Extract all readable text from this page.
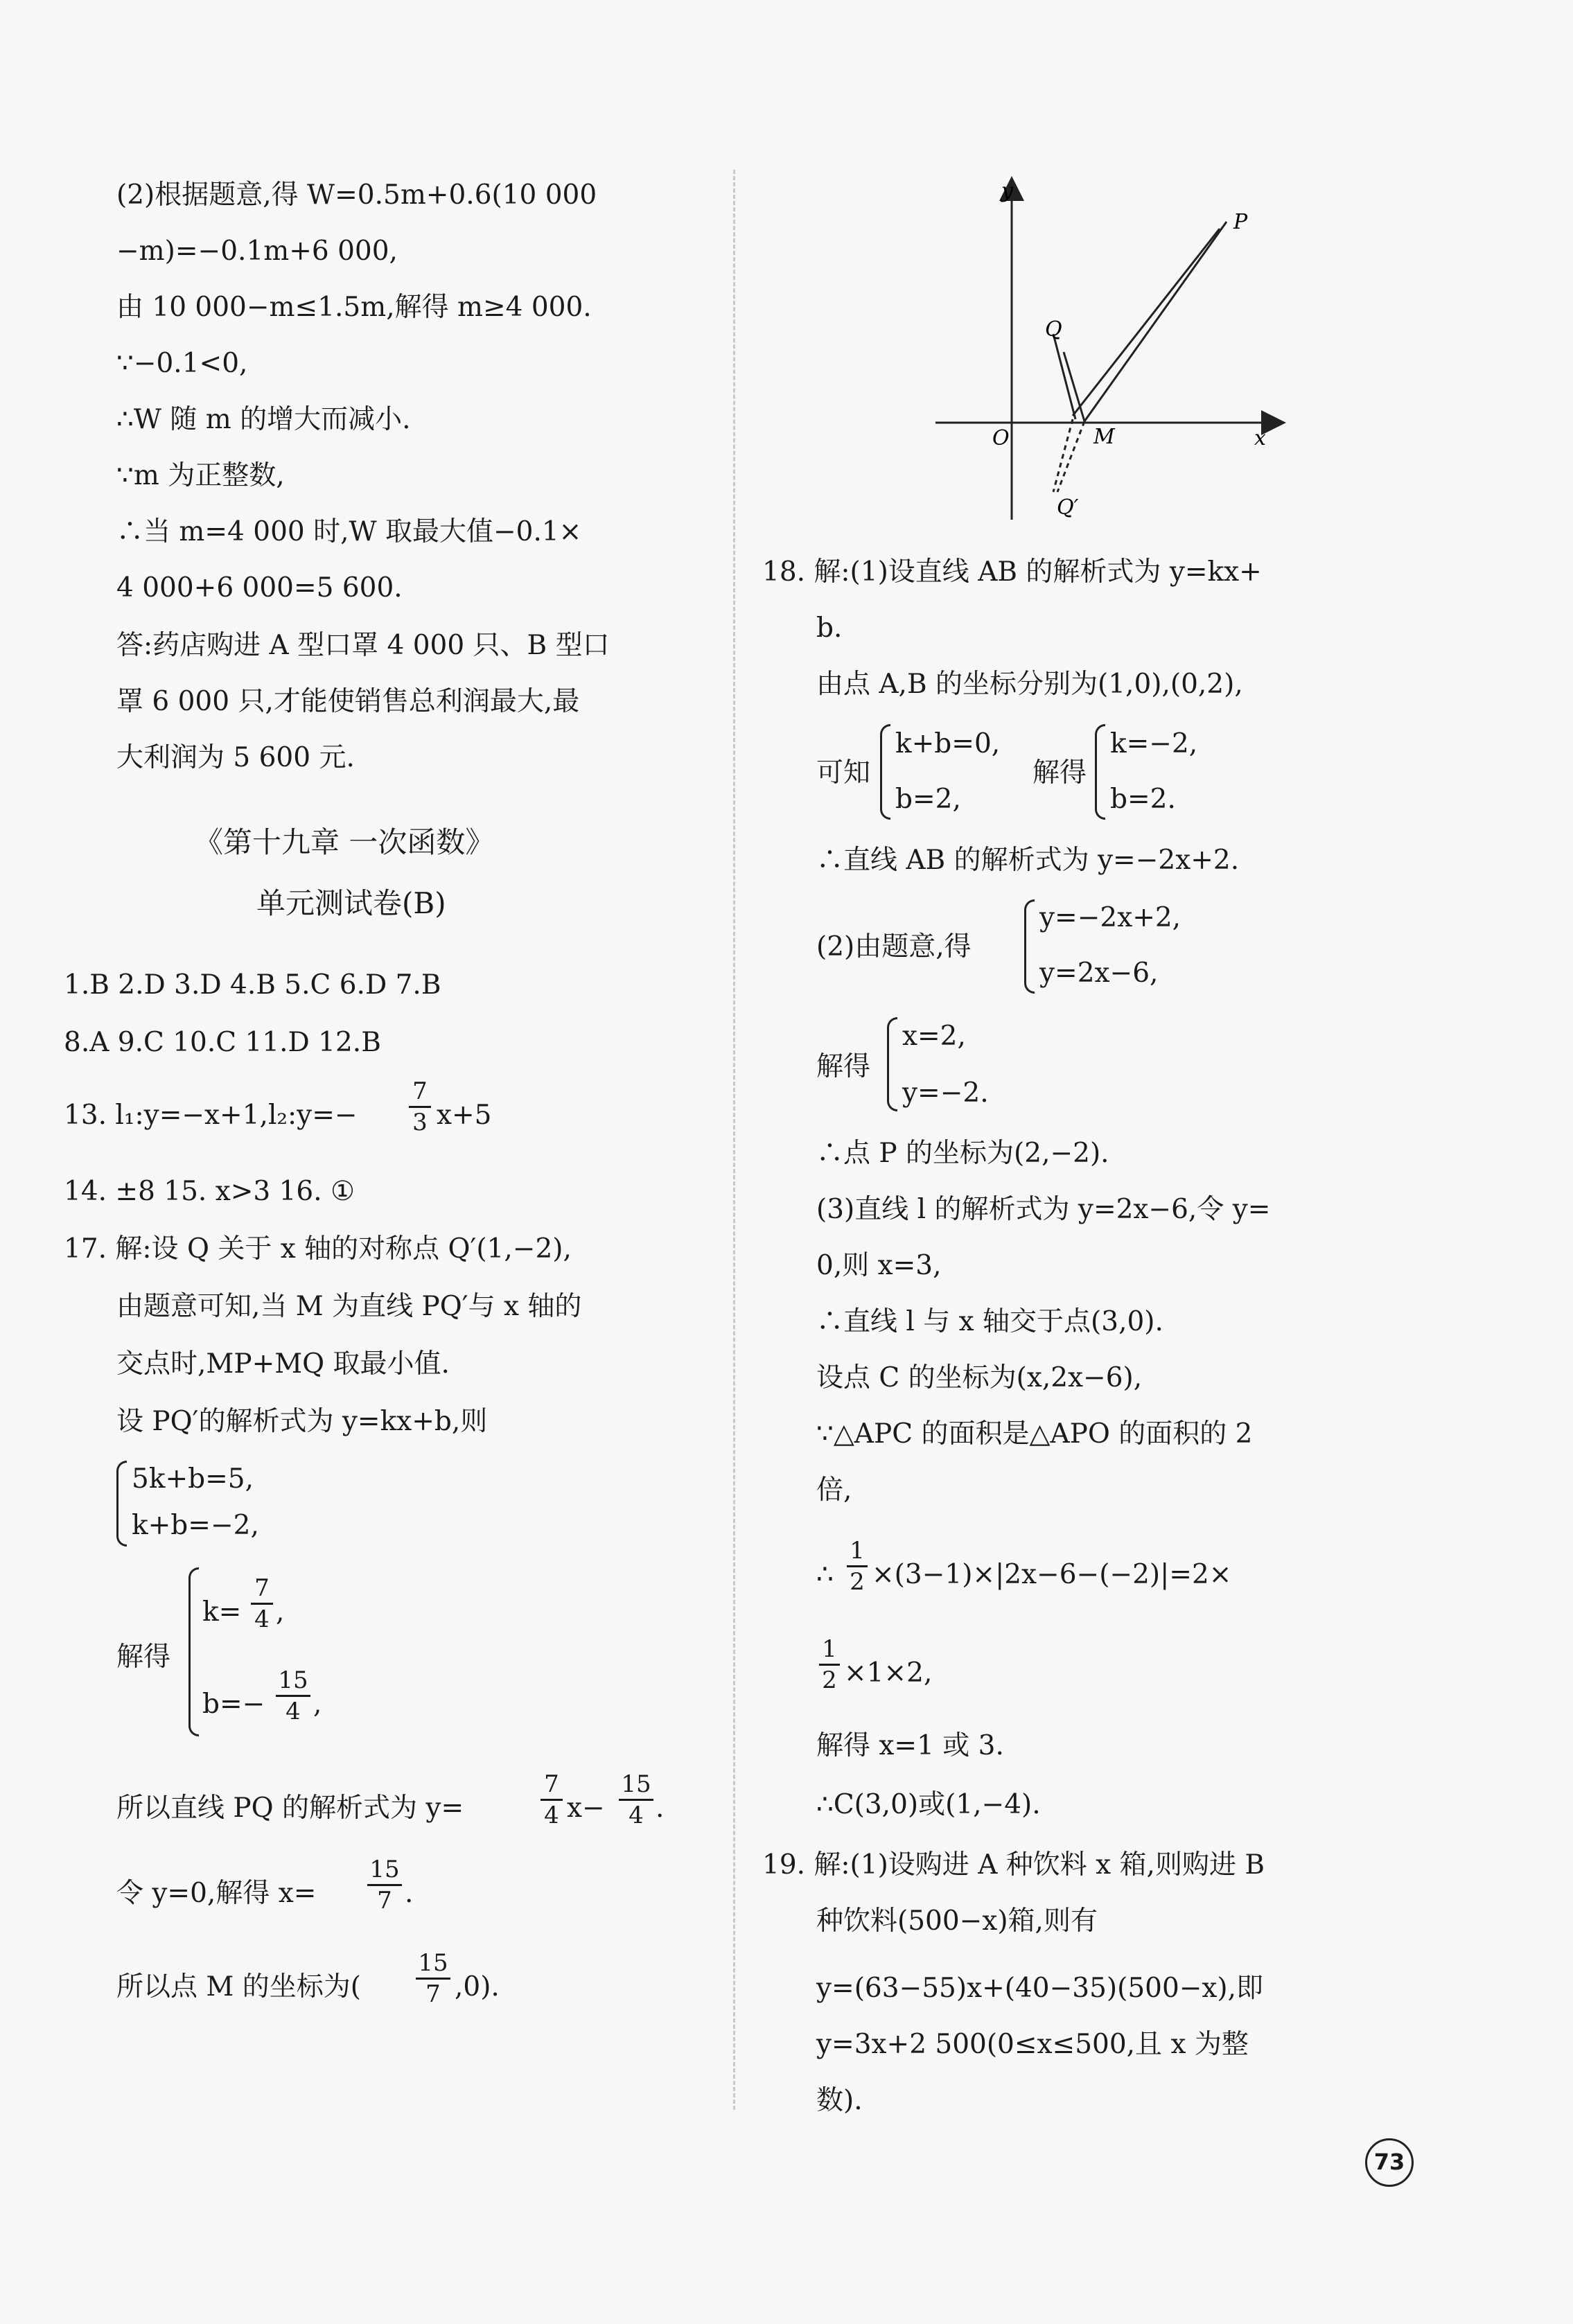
(2)根据题意,得 W=0.5m+0.6(10 000
−m)=−0.1m+6 000,
由 10 000−m≤1.5m,解得 m≥4 000.
∵−0.1<0,
∴W 随 m 的增大而减小.
∵m 为正整数,
∴当 m=4 000 时,W 取最大值−0.1×
4 000+6 000=5 600.
答:药店购进 A 型口罩 4 000 只、B 型口
罩 6 000 只,才能使销售总利润最大,最
大利润为 5 600 元.
《第十九章 一次函数》
单元测试卷(B)
1.B 2.D 3.D 4.B 5.C 6.D 7.B
8.A 9.C 10.C 11.D 12.B
13. l₁:y=−x+1,l₂:y=−
7
3 x+5
14. ±8 15. x>3 16. ①
17. 解:设 Q 关于 x 轴的对称点 Q′(1,−2),
由题意可知,当 M 为直线 PQ′与 x 轴的
交点时,MP+MQ 取最小值.
设 PQ′的解析式为 y=kx+b,则
5k+b=5,
k+b=−2,
解得
k=
7
4 ,
b=−
15
4 ,
所以直线 PQ 的解析式为 y=
7
4 x−
15
4 .
令 y=0,解得 x=
15
7 .
所以点 M 的坐标为(
15
7 ,0).
y
x
O
P
Q
M
Q′
18. 解:(1)设直线 AB 的解析式为 y=kx+
b.
由点 A,B 的坐标分别为(1,0),(0,2),
可知
k+b=0,
b=2,
解得
k=−2,
b=2.
∴直线 AB 的解析式为 y=−2x+2.
(2)由题意,得
y=−2x+2,
y=2x−6,
解得
x=2,
y=−2.
∴点 P 的坐标为(2,−2).
(3)直线 l 的解析式为 y=2x−6,令 y=
0,则 x=3,
∴直线 l 与 x 轴交于点(3,0).
设点 C 的坐标为(x,2x−6),
∵△APC 的面积是△APO 的面积的 2
倍,
∴
1
2 ×(3−1)×|2x−6−(−2)|=2×
1
2 ×1×2,
解得 x=1 或 3.
∴C(3,0)或(1,−4).
19. 解:(1)设购进 A 种饮料 x 箱,则购进 B
种饮料(500−x)箱,则有
y=(63−55)x+(40−35)(500−x),即
y=3x+2 500(0≤x≤500,且 x 为整
数).
73
